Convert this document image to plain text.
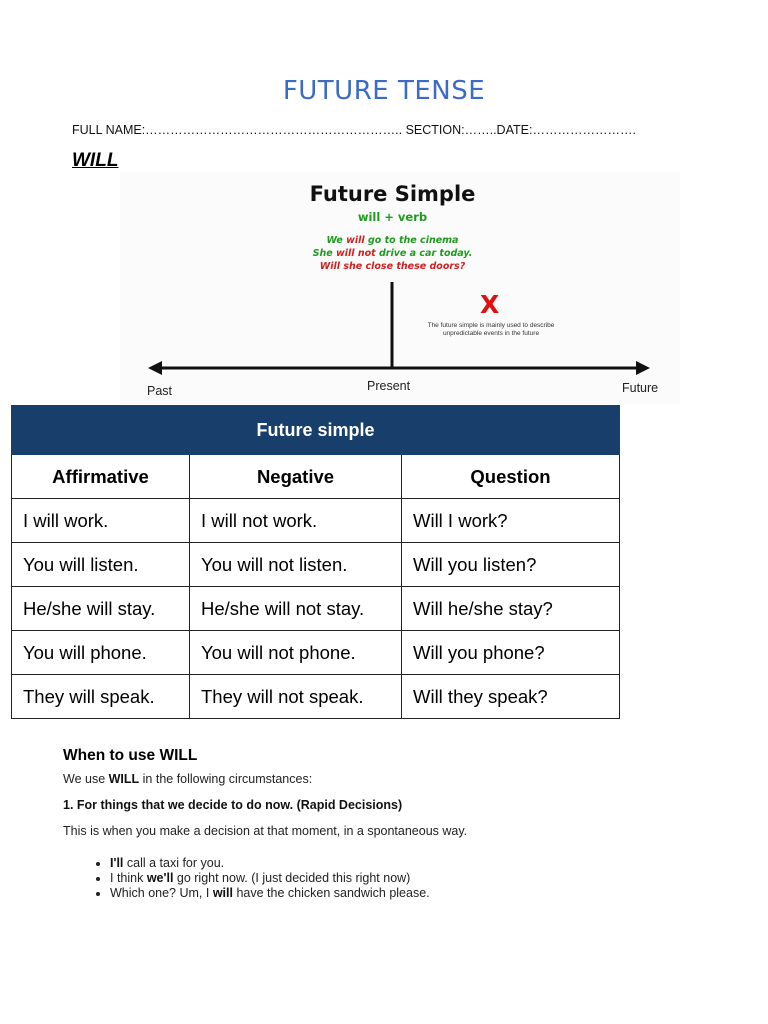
FUTURE TENSE
FULL NAME:…………………………………………………….. SECTION:……..DATE:…………………….
WILL
Future Simple
will + verb
We will go to the cinema
She will not drive a car today.
Will she close these doors?
X
The future simple is mainly used to describe
unpredictable events in the future
Past	Present	Future
Future simple		
Affirmative	Negative	Question
I will work.	I will not work.	Will I work?
You will listen.	You will not listen.	Will you listen?
He/she will stay.	He/she will not stay.	Will he/she stay?
You will phone.	You will not phone.	Will you phone?
They will speak.	They will not speak.	Will they speak?
When to use WILL
We use WILL in the following circumstances:
1. For things that we decide to do now. (Rapid Decisions)
This is when you make a decision at that moment, in a spontaneous way.
• I'll call a taxi for you.
• I think we'll go right now. (I just decided this right now)
• Which one? Um, I will have the chicken sandwich please.
